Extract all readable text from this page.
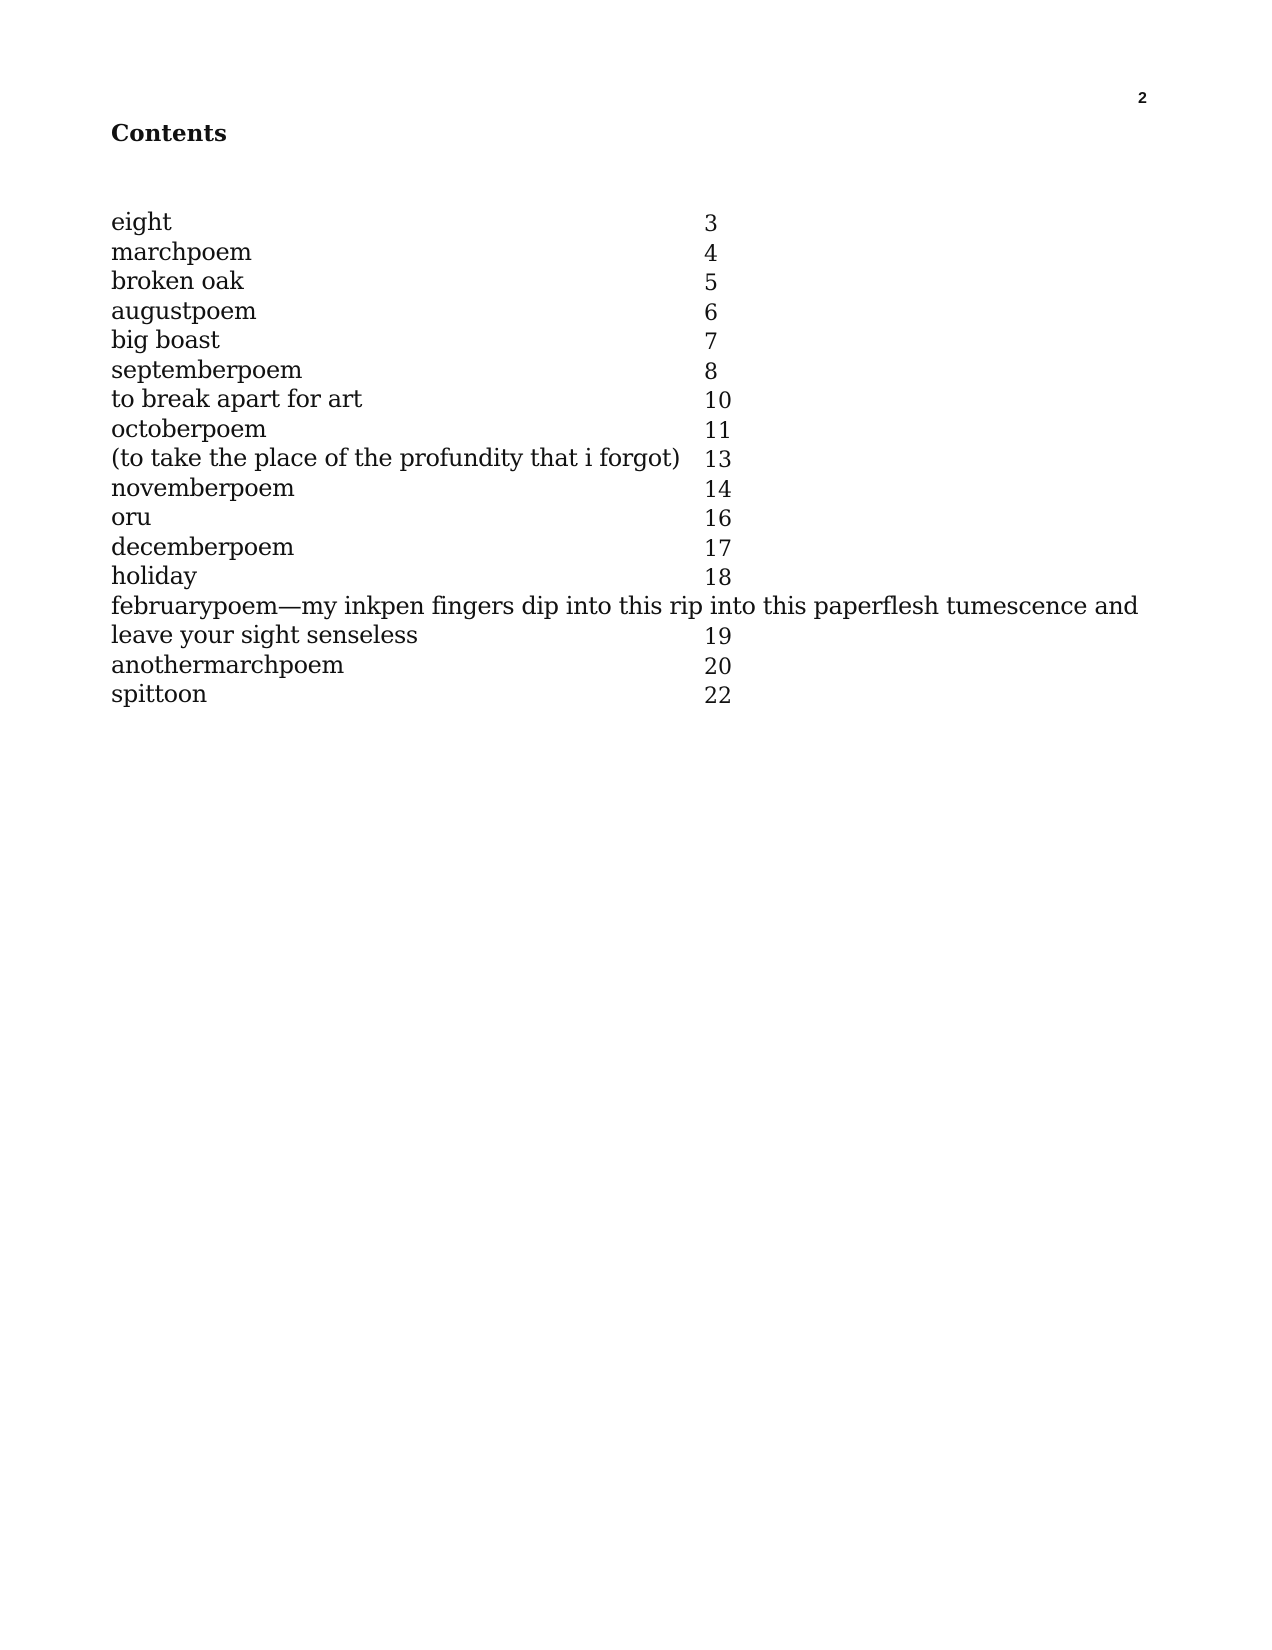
2
Contents
eight	3
marchpoem	4
broken oak	5
augustpoem	6
big boast	7
septemberpoem	8
to break apart for art	10
octoberpoem	11
(to take the place of the profundity that i forgot) 13
novemberpoem	14
oru	16
decemberpoem	17
holiday	18
februarypoem—my inkpen fingers dip into this rip into this paperflesh tumescence and
leave your sight senseless	19
anothermarchpoem	20
spittoon	22
